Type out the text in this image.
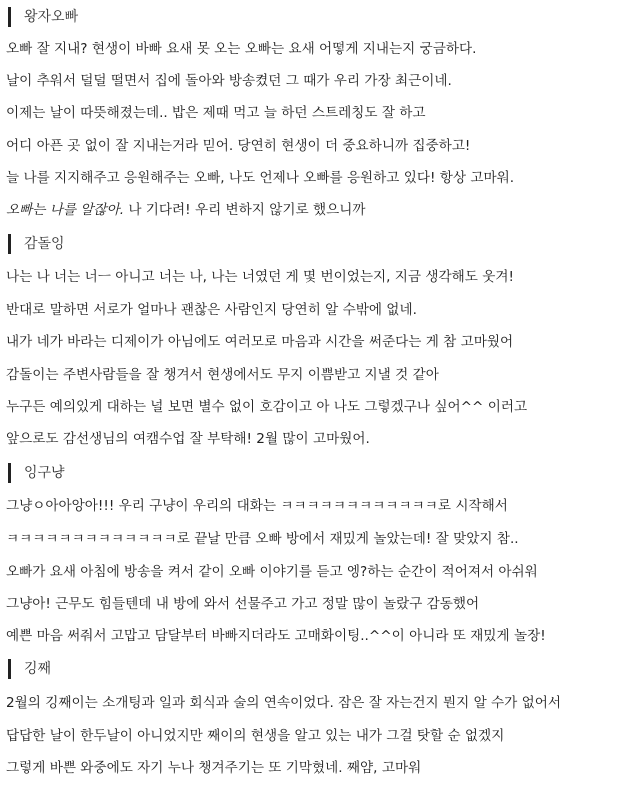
왕자오빠
오빠 잘 지내? 현생이 바빠 요새 못 오는 오빠는 요새 어떻게 지내는지 궁금하다.
날이 추워서 덜덜 떨면서 집에 돌아와 방송켰던 그 때가 우리 가장 최근이네.
이제는 날이 따뜻해졌는데.. 밥은 제때 먹고 늘 하던 스트레칭도 잘 하고
어디 아픈 곳 없이 잘 지내는거라 믿어. 당연히 현생이 더 중요하니까 집중하고!
늘 나를 지지해주고 응원해주는 오빠, 나도 언제나 오빠를 응원하고 있다! 항상 고마워.
오빠는 나를 알잖아. 나 기다려! 우리 변하지 않기로 했으니까
감돌잉
나는 나 너는 너ㅡ 아니고 너는 나, 나는 너였던 게 몇 번이었는지, 지금 생각해도 웃겨!
반대로 말하면 서로가 얼마나 괜찮은 사람인지 당연히 알 수밖에 없네.
내가 네가 바라는 디제이가 아님에도 여러모로 마음과 시간을 써준다는 게 참 고마웠어
감돌이는 주변사람들을 잘 챙겨서 현생에서도 무지 이쁨받고 지낼 것 같아
누구든 예의있게 대하는 널 보면 별수 없이 호감이고 아 나도 그렇겠구나 싶어^^ 이러고
앞으로도 감선생님의 여캠수업 잘 부탁해! 2월 많이 고마웠어.
잉구냥
그냥ㅇ아아앙아!!! 우리 구냥이 우리의 대화는 ㅋㅋㅋㅋㅋㅋㅋㅋㅋㅋㅋㅋ로 시작해서
ㅋㅋㅋㅋㅋㅋㅋㅋㅋㅋㅋㅋㅋ로 끝날 만큼 오빠 방에서 재밌게 놀았는데! 잘 맞았지 참..
오빠가 요새 아침에 방송을 켜서 같이 오빠 이야기를 듣고 엥?하는 순간이 적어져서 아쉬워
그냥아! 근무도 힘들텐데 내 방에 와서 선물주고 가고 정말 많이 놀랐구 감동했어
예쁜 마음 써줘서 고맙고 담달부터 바빠지더라도 고매화이팅..^^이 아니라 또 재밌게 놀장!
깅째
2월의 깅째이는 소개팅과 일과 회식과 술의 연속이었다. 잠은 잘 자는건지 뭔지 알 수가 없어서
답답한 날이 한두날이 아니었지만 째이의 현생을 알고 있는 내가 그걸 탓할 순 없겠지
그렇게 바쁜 와중에도 자기 누나 챙겨주기는 또 기막혔네. 째얌, 고마워
